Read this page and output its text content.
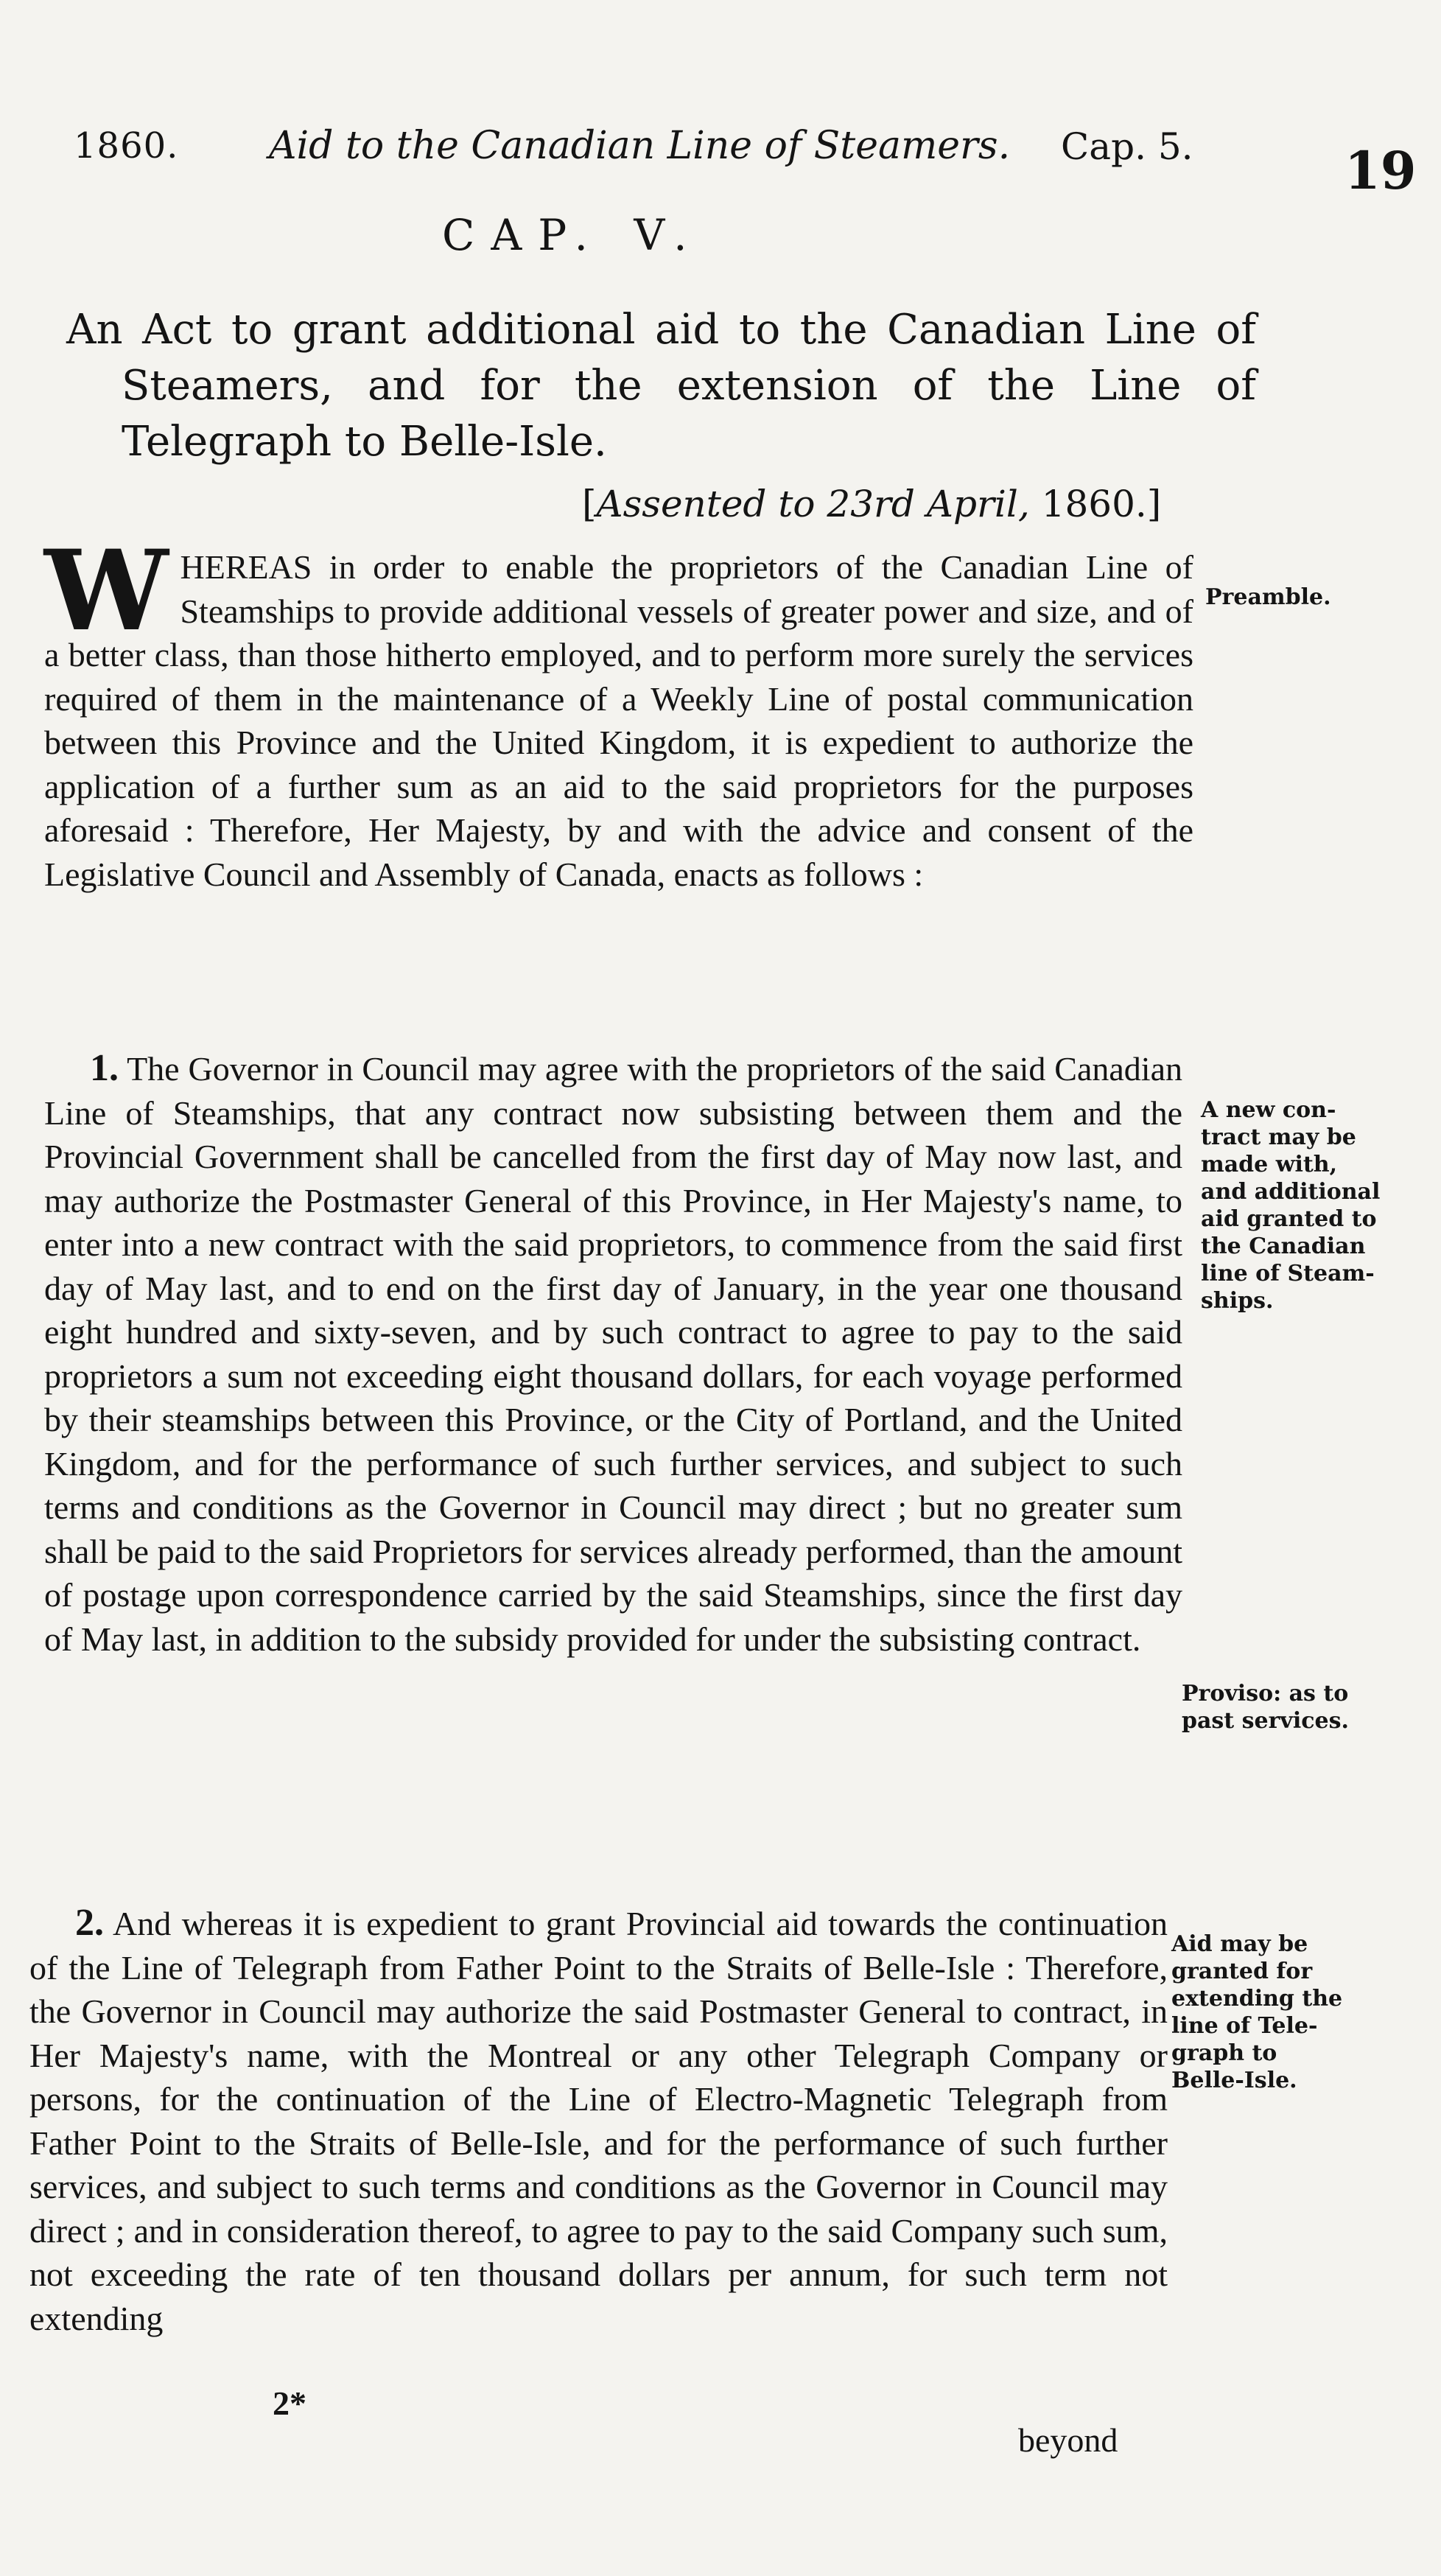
1860. Aid to the Canadian Line of Steamers. Cap. 5.	19
CAP. V.
An Act to grant additional aid to the Canadian Line of Steamers, and for the extension of the Line of Telegraph to Belle-Isle.
[Assented to 23rd April, 1860.]
W HEREAS in order to enable the proprietors of the Canadian Line of Steamships to provide additional vessels of greater power and size, and of a better class, than those hitherto employed, and to perform more surely the services required of them in the maintenance of a Weekly Line of postal communication between this Province and the United Kingdom, it is expedient to authorize the application of a further sum as an aid to the said proprietors for the purposes aforesaid : Therefore, Her Majesty, by and with the advice and consent of the Legislative Council and Assembly of Canada, enacts as follows :
1. The Governor in Council may agree with the proprietors of the said Canadian Line of Steamships, that any contract now subsisting between them and the Provincial Government shall be cancelled from the first day of May now last, and may authorize the Postmaster General of this Province, in Her Majesty's name, to enter into a new contract with the said proprietors, to commence from the said first day of May last, and to end on the first day of January, in the year one thousand eight hundred and sixty-seven, and by such contract to agree to pay to the said proprietors a sum not exceeding eight thousand dollars, for each voyage performed by their steamships between this Province, or the City of Portland, and the United Kingdom, and for the performance of such further services, and subject to such terms and conditions as the Governor in Council may direct ; but no greater sum shall be paid to the said Proprietors for services already performed, than the amount of postage upon correspondence carried by the said Steamships, since the first day of May last, in addition to the subsidy provided for under the subsisting contract.
2. And whereas it is expedient to grant Provincial aid towards the continuation of the Line of Telegraph from Father Point to the Straits of Belle-Isle : Therefore, the Governor in Council may authorize the said Postmaster General to contract, in Her Majesty's name, with the Montreal or any other Telegraph Company or persons, for the continuation of the Line of Electro-Magnetic Telegraph from Father Point to the Straits of Belle-Isle, and for the performance of such further services, and subject to such terms and conditions as the Governor in Council may direct ; and in consideration thereof, to agree to pay to the said Company such sum, not exceeding the rate of ten thousand dollars per annum, for such term not extending
2*
beyond
Preamble.
A new con-
tract may be
made with,
and additional
aid granted to
the Canadian
line of Steam-
ships.
Proviso: as to
past services.
Aid may be
granted for
extending the
line of Tele-
graph to
Belle-Isle.
